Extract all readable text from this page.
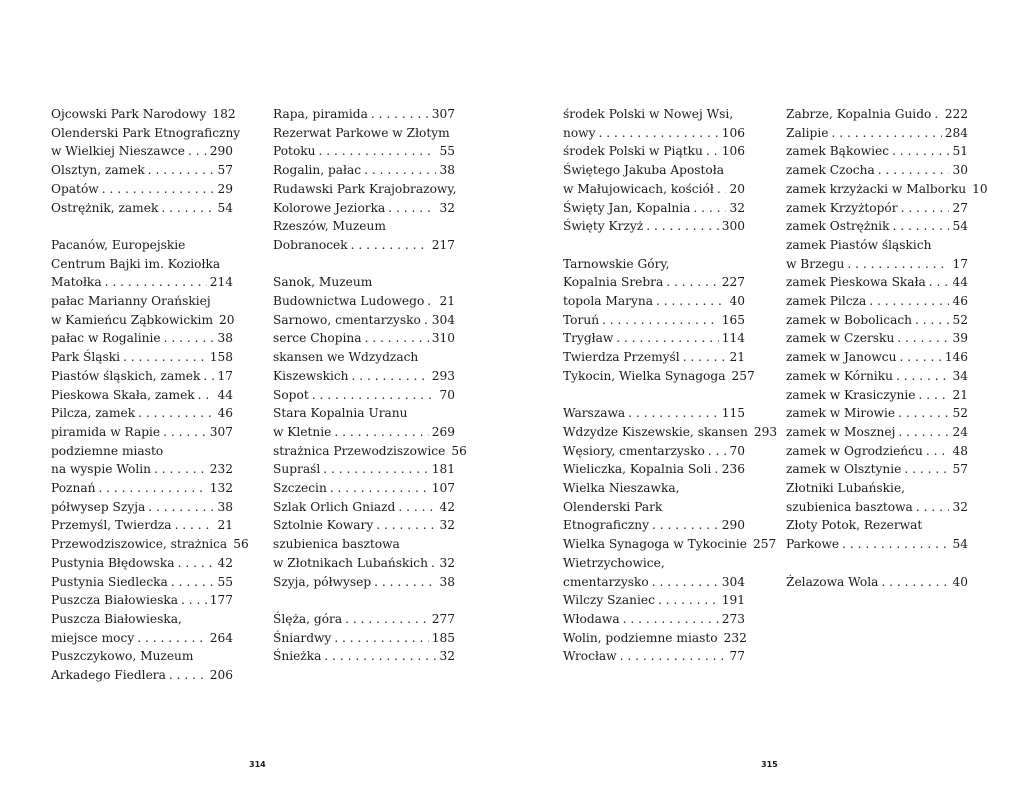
Ojcowski Park Narodowy 182
Olenderski Park Etnograficzny
w Wielkiej Nieszawce . . . 290
Olsztyn, zamek . . .	57
Opatów . . .	29
Ostrężnik, zamek . . .	54
Pacanów, Europejskie
Centrum Bajki im. Koziołka
Matołka . . .	214
pałac Marianny Orańskiej
w Kamieńcu Ząbkowickim 20
pałac w Rogalinie . . .	38
Park Śląski . . .	158
Piastów śląskich, zamek . . . 17
Pieskowa Skała, zamek . . . 44
Pilcza, zamek . . .	46
piramida w Rapie . . .	307
podziemne miasto
na wyspie Wolin . . .	232
Poznań . . .	132
półwysep Szyja . . .	38
Przemyśl, Twierdza . . .	21
Przewodziszowice, strażnica 56
Pustynia Błędowska . . .	42
Pustynia Siedlecka . . .	55
Puszcza Białowieska . . .	177
Puszcza Białowieska,
miejsce mocy . . .	264
Puszczykowo, Muzeum
Arkadego Fiedlera . . .	206
Rapa, piramida . . .	307
Rezerwat Parkowe w Złotym
Potoku . . .	55
Rogalin, pałac . . .	38
Rudawski Park Krajobrazowy,
Kolorowe Jeziorka . . .	32
Rzeszów, Muzeum
Dobranocek . . .	217
Sanok, Muzeum
Budownictwa Ludowego . . . 21
Sarnowo, cmentarzysko . . . 304
serce Chopina . . .	310
skansen we Wdzydzach
Kiszewskich . . .	293
Sopot . . .	70
Stara Kopalnia Uranu
w Kletnie . . .	269
strażnica Przewodziszowice 56
Supraśl . . .	181
Szczecin . . .	107
Szlak Orlich Gniazd . . .	42
Sztolnie Kowary . . .	32
szubienica basztowa
w Złotnikach Lubańskich . . . 32
Szyja, półwysep . . .	38
Ślęża, góra . . .	277
Śniardwy . . .	185
Śnieżka . . .	32
314
środek Polski w Nowej Wsi,
nowy . . .	106
środek Polski w Piątku . . . 106
Świętego Jakuba Apostoła
w Małujowicach, kościół . . . 20
Święty Jan, Kopalnia . . .	32
Święty Krzyż . . .	300
Tarnowskie Góry,
Kopalnia Srebra . . .	227
topola Maryna . . .	40
Toruń . . .	165
Trygław . . .	114
Twierdza Przemyśl . . .	21
Tykocin, Wielka Synagoga 257
Warszawa . . .	115
Wdzydze Kiszewskie, skansen 293
Węsiory, cmentarzysko . . . 70
Wieliczka, Kopalnia Soli . . . 236
Wielka Nieszawka,
Olenderski Park
Etnograficzny . . .	290
Wielka Synagoga w Tykocinie 257
Wietrzychowice,
cmentarzysko . . .	304
Wilczy Szaniec . . .	191
Włodawa . . .	273
Wolin, podziemne miasto 232
Wrocław . . .	77
Zabrze, Kopalnia Guido . . . 222
Zalipie . . .	284
zamek Bąkowiec . . .	51
zamek Czocha . . .	30
zamek krzyżacki w Malborku 10
zamek Krzyżtopór . . .	27
zamek Ostrężnik . . .	54
zamek Piastów śląskich
w Brzegu . . .	17
zamek Pieskowa Skała . . . 44
zamek Pilcza . . .	46
zamek w Bobolicach . . .	52
zamek w Czersku . . .	39
zamek w Janowcu . . .	146
zamek w Kórniku . . .	34
zamek w Krasiczynie . . .	21
zamek w Mirowie . . .	52
zamek w Mosznej . . .	24
zamek w Ogrodzieńcu . . . 48
zamek w Olsztynie . . .	57
Złotniki Lubańskie,
szubienica basztowa . . .	32
Złoty Potok, Rezerwat
Parkowe . . .	54
Żelazowa Wola . . .	40
315
